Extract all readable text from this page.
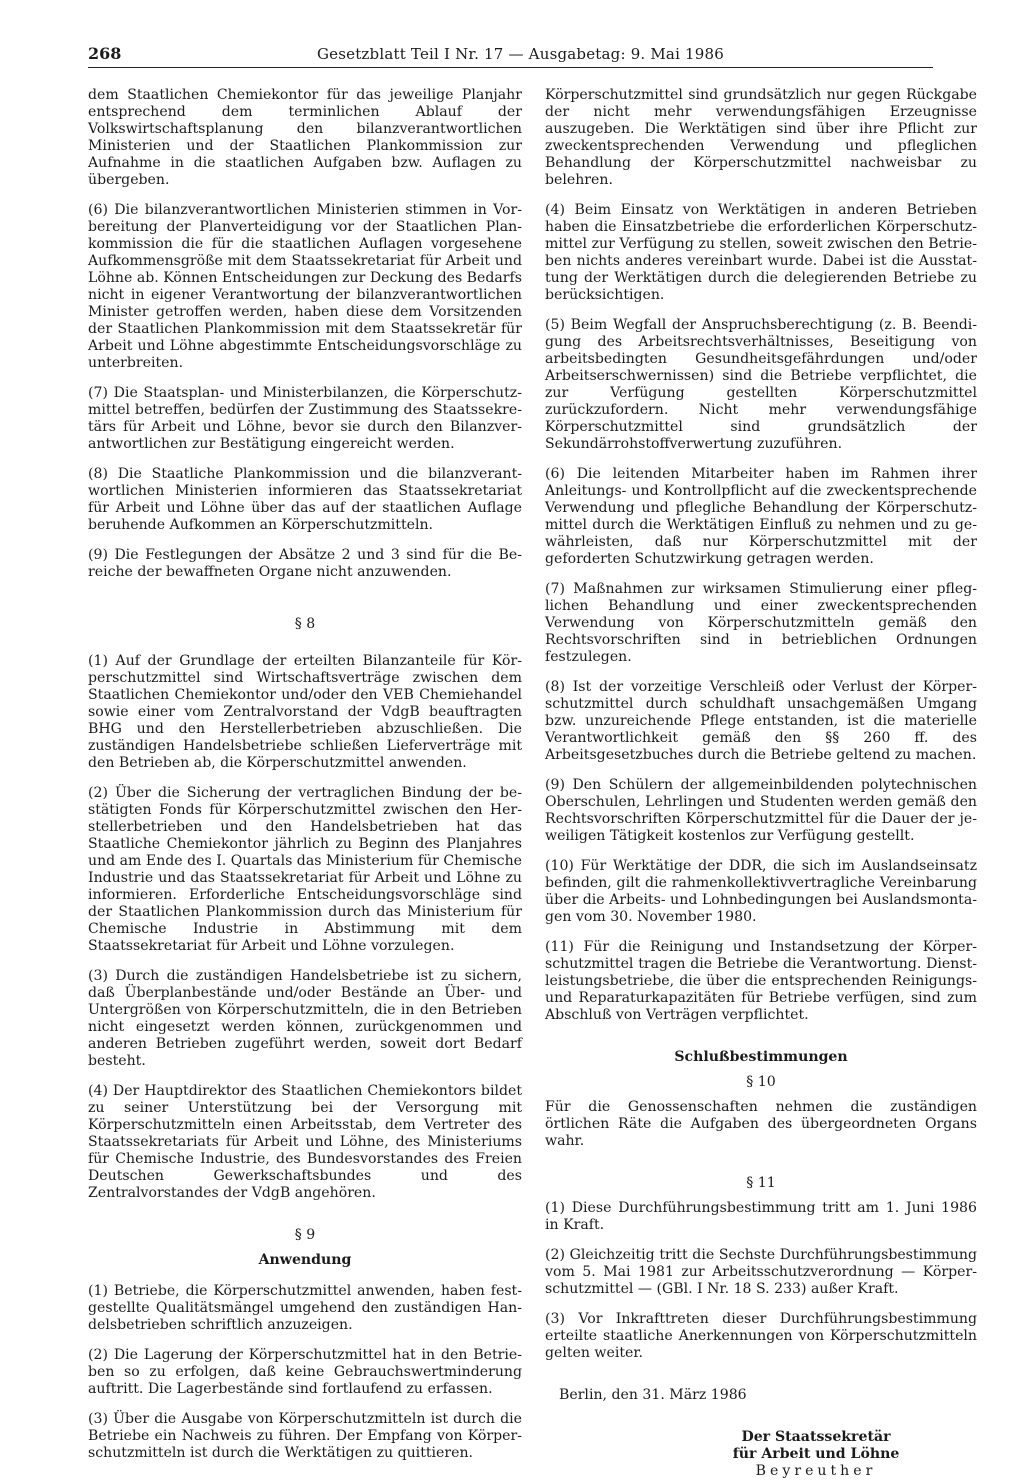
268	Gesetzblatt Teil I Nr. 17 — Ausgabetag: 9. Mai 1986

dem Staatlichen Chemiekontor für das jeweilige Planjahr entsprechend dem terminlichen Ablauf der Volkswirtschaftsplanung den bilanzverantwortlichen Ministerien und der Staatlichen Plankommission zur Aufnahme in die staatlichen Aufgaben bzw. Auflagen zu übergeben.

(6) Die bilanzverantwortlichen Ministerien stimmen in Vorbereitung der Planverteidigung vor der Staatlichen Plankommission die für die staatlichen Auflagen vorgesehene Aufkommensgröße mit dem Staatssekretariat für Arbeit und Löhne ab. Können Entscheidungen zur Deckung des Bedarfs nicht in eigener Verantwortung der bilanzverantwortlichen Minister getroffen werden, haben diese dem Vorsitzenden der Staatlichen Plankommission mit dem Staatssekretär für Arbeit und Löhne abgestimmte Entscheidungsvorschläge zu unterbreiten.

(7) Die Staatsplan- und Ministerbilanzen, die Körperschutzmittel betreffen, bedürfen der Zustimmung des Staatssekretärs für Arbeit und Löhne, bevor sie durch den Bilanzverantwortlichen zur Bestätigung eingereicht werden.

(8) Die Staatliche Plankommission und die bilanzverantwortlichen Ministerien informieren das Staatssekretariat für Arbeit und Löhne über das auf der staatlichen Auflage beruhende Aufkommen an Körperschutzmitteln.

(9) Die Festlegungen der Absätze 2 und 3 sind für die Bereiche der bewaffneten Organe nicht anzuwenden.

§ 8

(1) Auf der Grundlage der erteilten Bilanzanteile für Körperschutzmittel sind Wirtschaftsverträge zwischen dem Staatlichen Chemiekontor und/oder den VEB Chemiehandel sowie einer vom Zentralvorstand der VdgB beauftragten BHG und den Herstellerbetrieben abzuschließen. Die zuständigen Handelsbetriebe schließen Lieferverträge mit den Betrieben ab, die Körperschutzmittel anwenden.

(2) Über die Sicherung der vertraglichen Bindung der bestätigten Fonds für Körperschutzmittel zwischen den Herstellerbetrieben und den Handelsbetrieben hat das Staatliche Chemiekontor jährlich zu Beginn des Planjahres und am Ende des I. Quartals das Ministerium für Chemische Industrie und das Staatssekretariat für Arbeit und Löhne zu informieren. Erforderliche Entscheidungsvorschläge sind der Staatlichen Plankommission durch das Ministerium für Chemische Industrie in Abstimmung mit dem Staatssekretariat für Arbeit und Löhne vorzulegen.

(3) Durch die zuständigen Handelsbetriebe ist zu sichern, daß Überplanbestände und/oder Bestände an Über- und Untergrößen von Körperschutzmitteln, die in den Betrieben nicht eingesetzt werden können, zurückgenommen und anderen Betrieben zugeführt werden, soweit dort Bedarf besteht.

(4) Der Hauptdirektor des Staatlichen Chemiekontors bildet zu seiner Unterstützung bei der Versorgung mit Körperschutzmitteln einen Arbeitsstab, dem Vertreter des Staatssekretariats für Arbeit und Löhne, des Ministeriums für Chemische Industrie, des Bundesvorstandes des Freien Deutschen Gewerkschaftsbundes und des Zentralvorstandes der VdgB angehören.

§ 9
Anwendung

(1) Betriebe, die Körperschutzmittel anwenden, haben festgestellte Qualitätsmängel umgehend den zuständigen Handelsbetrieben schriftlich anzuzeigen.

(2) Die Lagerung der Körperschutzmittel hat in den Betrieben so zu erfolgen, daß keine Gebrauchswertminderung auftritt. Die Lagerbestände sind fortlaufend zu erfassen.

(3) Über die Ausgabe von Körperschutzmitteln ist durch die Betriebe ein Nachweis zu führen. Der Empfang von Körperschutzmitteln ist durch die Werktätigen zu quittieren.

Körperschutzmittel sind grundsätzlich nur gegen Rückgabe der nicht mehr verwendungsfähigen Erzeugnisse auszugeben. Die Werktätigen sind über ihre Pflicht zur zweckentsprechenden Verwendung und pfleglichen Behandlung der Körperschutzmittel nachweisbar zu belehren.

(4) Beim Einsatz von Werktätigen in anderen Betrieben haben die Einsatzbetriebe die erforderlichen Körperschutzmittel zur Verfügung zu stellen, soweit zwischen den Betrieben nichts anderes vereinbart wurde. Dabei ist die Ausstattung der Werktätigen durch die delegierenden Betriebe zu berücksichtigen.

(5) Beim Wegfall der Anspruchsberechtigung (z. B. Beendigung des Arbeitsrechtsverhältnisses, Beseitigung von arbeitsbedingten Gesundheitsgefährdungen und/oder Arbeitserschwernissen) sind die Betriebe verpflichtet, die zur Verfügung gestellten Körperschutzmittel zurückzufordern. Nicht mehr verwendungsfähige Körperschutzmittel sind grundsätzlich der Sekundärrohstoffverwertung zuzuführen.

(6) Die leitenden Mitarbeiter haben im Rahmen ihrer Anleitungs- und Kontrollpflicht auf die zweckentsprechende Verwendung und pflegliche Behandlung der Körperschutzmittel durch die Werktätigen Einfluß zu nehmen und zu gewährleisten, daß nur Körperschutzmittel mit der geforderten Schutzwirkung getragen werden.

(7) Maßnahmen zur wirksamen Stimulierung einer pfleglichen Behandlung und einer zweckentsprechenden Verwendung von Körperschutzmitteln gemäß den Rechtsvorschriften sind in betrieblichen Ordnungen festzulegen.

(8) Ist der vorzeitige Verschleiß oder Verlust der Körperschutzmittel durch schuldhaft unsachgemäßen Umgang bzw. unzureichende Pflege entstanden, ist die materielle Verantwortlichkeit gemäß den §§ 260 ff. des Arbeitsgesetzbuches durch die Betriebe geltend zu machen.

(9) Den Schülern der allgemeinbildenden polytechnischen Oberschulen, Lehrlingen und Studenten werden gemäß den Rechtsvorschriften Körperschutzmittel für die Dauer der jeweiligen Tätigkeit kostenlos zur Verfügung gestellt.

(10) Für Werktätige der DDR, die sich im Auslandseinsatz befinden, gilt die rahmenkollektivvertragliche Vereinbarung über die Arbeits- und Lohnbedingungen bei Auslandsmontagen vom 30. November 1980.

(11) Für die Reinigung und Instandsetzung der Körperschutzmittel tragen die Betriebe die Verantwortung. Dienstleistungsbetriebe, die über die entsprechenden Reinigungs- und Reparaturkapazitäten für Betriebe verfügen, sind zum Abschluß von Verträgen verpflichtet.

Schlußbestimmungen
§ 10

Für die Genossenschaften nehmen die zuständigen örtlichen Räte die Aufgaben des übergeordneten Organs wahr.

§ 11

(1) Diese Durchführungsbestimmung tritt am 1. Juni 1986 in Kraft.

(2) Gleichzeitig tritt die Sechste Durchführungsbestimmung vom 5. Mai 1981 zur Arbeitsschutzverordnung — Körperschutzmittel — (GBl. I Nr. 18 S. 233) außer Kraft.

(3) Vor Inkrafttreten dieser Durchführungsbestimmung erteilte staatliche Anerkennungen von Körperschutzmitteln gelten weiter.

Berlin, den 31. März 1986

Der Staatssekretär
für Arbeit und Löhne
Beyreuther
